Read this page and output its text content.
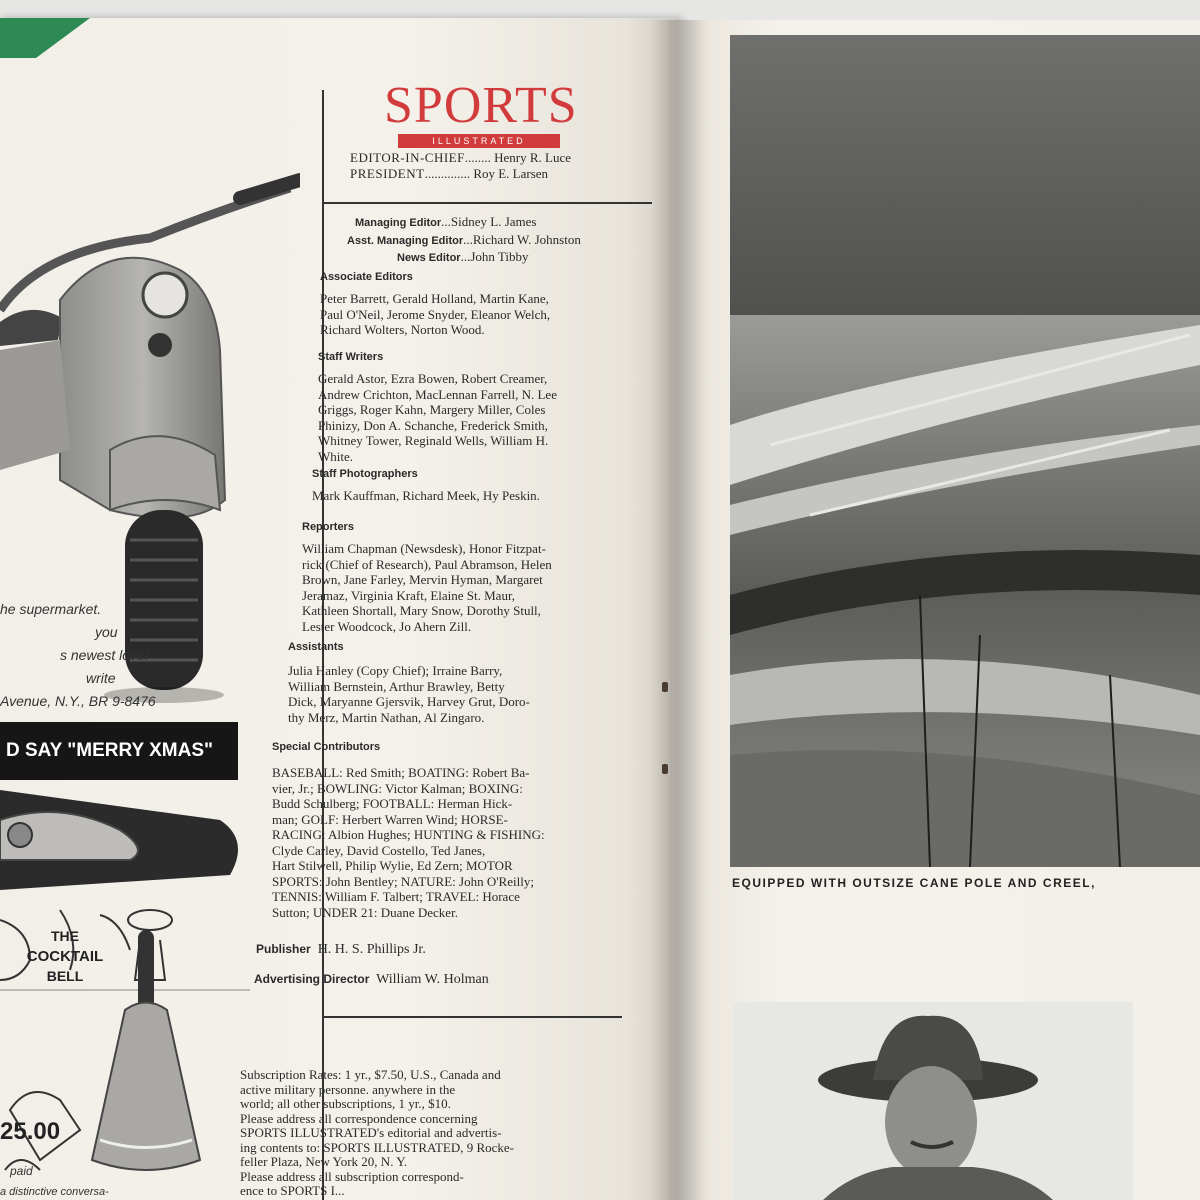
he supermarket.
you
s newest love!
write
Avenue, N.Y., BR 9-8476
D SAY "MERRY XMAS"
THE
COCKTAIL
BELL
25.00
paid
a distinctive conversa-
SPORTS
ILLUSTRATED
EDITOR-IN-CHIEF........ Henry R. Luce
PRESIDENT.............. Roy E. Larsen
Managing Editor...Sidney L. James
Asst. Managing Editor...Richard W. Johnston
News Editor...John Tibby
Associate Editors
Peter Barrett, Gerald Holland, Martin Kane,
Paul O'Neil, Jerome Snyder, Eleanor Welch,
Richard Wolters, Norton Wood.
Staff Writers
Gerald Astor, Ezra Bowen, Robert Creamer,
Andrew Crichton, MacLennan Farrell, N. Lee
Griggs, Roger Kahn, Margery Miller, Coles
Phinizy, Don A. Schanche, Frederick Smith,
Whitney Tower, Reginald Wells, William H.
White.
Staff Photographers
Mark Kauffman, Richard Meek, Hy Peskin.
Reporters
William Chapman (Newsdesk), Honor Fitzpat-
rick (Chief of Research), Paul Abramson, Helen
Brown, Jane Farley, Mervin Hyman, Margaret
Jeramaz, Virginia Kraft, Elaine St. Maur,
Kathleen Shortall, Mary Snow, Dorothy Stull,
Lester Woodcock, Jo Ahern Zill.
Assistants
Julia Hanley (Copy Chief); Irraine Barry,
William Bernstein, Arthur Brawley, Betty
Dick, Maryanne Gjersvik, Harvey Grut, Doro-
thy Merz, Martin Nathan, Al Zingaro.
Special Contributors
BASEBALL: Red Smith; BOATING: Robert Ba-
vier, Jr.; BOWLING: Victor Kalman; BOXING:
Budd Schulberg; FOOTBALL: Herman Hick-
man; GOLF: Herbert Warren Wind; HORSE-
RACING: Albion Hughes; HUNTING & FISHING:
Clyde Carley, David Costello, Ted Janes,
Hart Stilwell, Philip Wylie, Ed Zern; MOTOR
SPORTS: John Bentley; NATURE: John O'Reilly;
TENNIS: William F. Talbert; TRAVEL: Horace
Sutton; UNDER 21: Duane Decker.
Publisher H. H. S. Phillips Jr.
Advertising Director William W. Holman
Subscription Rates: 1 yr., $7.50, U.S., Canada and
active military personne. anywhere in the
world; all other subscriptions, 1 yr., $10.
Please address all correspondence concerning
SPORTS ILLUSTRATED's editorial and advertis-
ing contents to: SPORTS ILLUSTRATED, 9 Rocke-
feller Plaza, New York 20, N. Y.
Please address all subscription correspond-
ence to SPORTS I...
EQUIPPED WITH OUTSIZE CANE POLE AND CREEL,
